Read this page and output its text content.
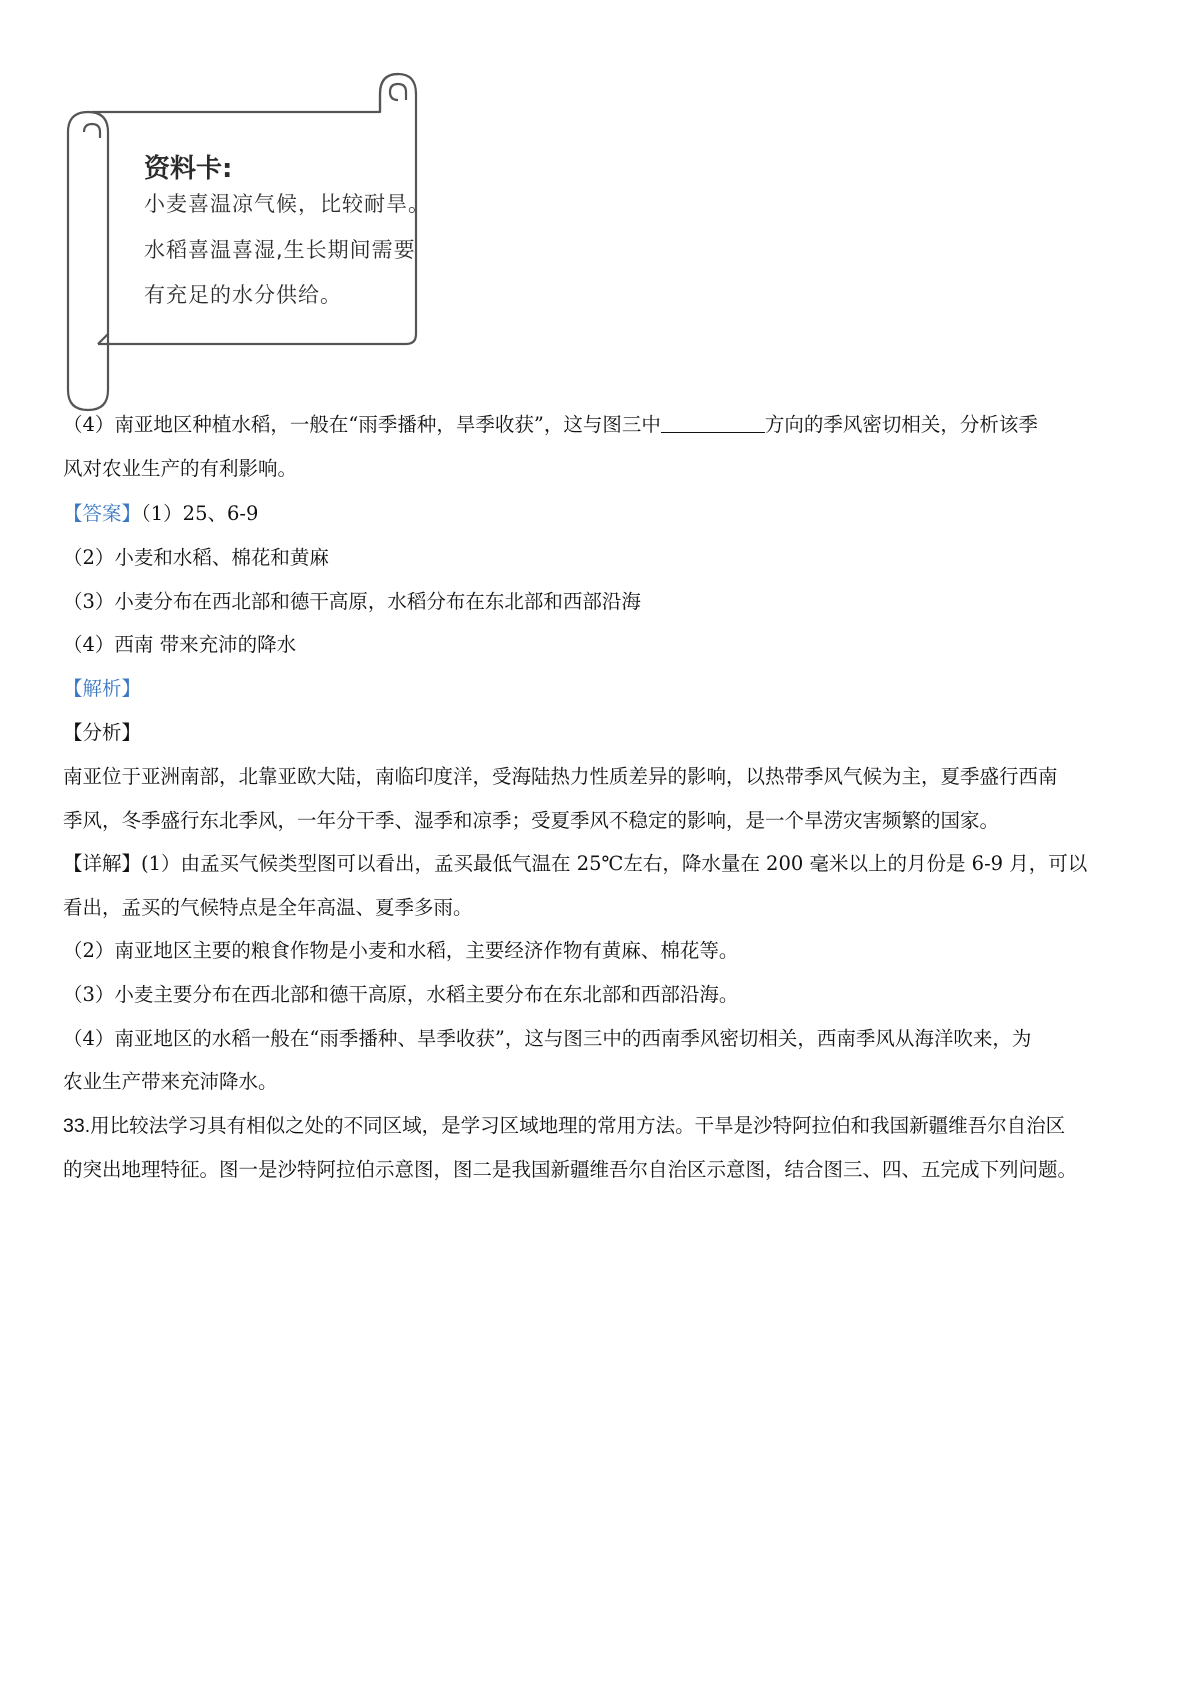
资料卡:
小麦喜温凉气候，比较耐旱。
水稻喜温喜湿,生长期间需要
有充足的水分供给。
（4）南亚地区种植水稻，一般在“雨季播种，旱季收获”，这与图三中	方向的季风密切相关，分析该季
风对农业生产的有利影响。
【答案】（1）25、6-9
（2）小麦和水稻、棉花和黄麻
（3）小麦分布在西北部和德干高原，水稻分布在东北部和西部沿海
（4）西南 带来充沛的降水
【解析】
【分析】
南亚位于亚洲南部，北靠亚欧大陆，南临印度洋，受海陆热力性质差异的影响，以热带季风气候为主，夏季盛行西南
季风，冬季盛行东北季风，一年分干季、湿季和凉季；受夏季风不稳定的影响，是一个旱涝灾害频繁的国家。
【详解】(1）由孟买气候类型图可以看出，孟买最低气温在 25℃左右，降水量在 200 毫米以上的月份是 6-9 月，可以
看出，孟买的气候特点是全年高温、夏季多雨。
（2）南亚地区主要的粮食作物是小麦和水稻，主要经济作物有黄麻、棉花等。
（3）小麦主要分布在西北部和德干高原，水稻主要分布在东北部和西部沿海。
（4）南亚地区的水稻一般在“雨季播种、旱季收获”，这与图三中的西南季风密切相关，西南季风从海洋吹来，为
农业生产带来充沛降水。
33.用比较法学习具有相似之处的不同区域，是学习区域地理的常用方法。干旱是沙特阿拉伯和我国新疆维吾尔自治区
的突出地理特征。图一是沙特阿拉伯示意图，图二是我国新疆维吾尔自治区示意图，结合图三、四、五完成下列问题。
